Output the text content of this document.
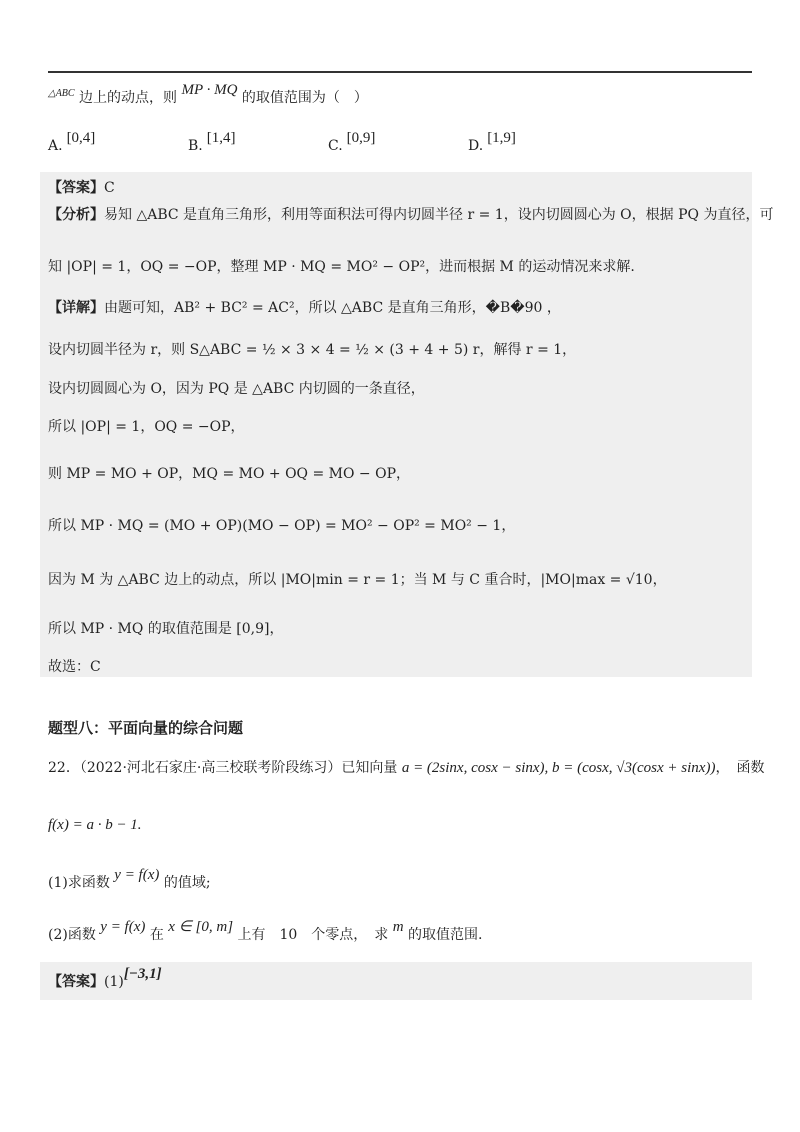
$^{\triangle ABC}$ 边上的动点，则 MP · MQ 的取值范围为（　）
A. [0,4]	B. [1,4]	C. [0,9]	D. [1,9]
【答案】C
【分析】易知 △ABC 是直角三角形，利用等面积法可得内切圆半径 r = 1，设内切圆圆心为 O，根据 PQ 为直径，可
知 |OP| = 1，OQ = −OP，整理 MP · MQ = MO² − OP²，进而根据 M 的运动情况来求解.
【详解】由题可知，AB² + BC² = AC²，所以 △ABC 是直角三角形，�B�90 ，
设内切圆半径为 r，则 S△ABC = ½ × 3 × 4 = ½ × (3 + 4 + 5) r，解得 r = 1，
设内切圆圆心为 O，因为 PQ 是 △ABC 内切圆的一条直径，
所以 |OP| = 1，OQ = −OP，
则 MP = MO + OP，MQ = MO + OQ = MO − OP，
所以 MP · MQ = (MO + OP)(MO − OP) = MO² − OP² = MO² − 1，
因为 M 为 △ABC 边上的动点，所以 |MO|min = r = 1；当 M 与 C 重合时，|MO|max = √10，
所以 MP · MQ 的取值范围是 [0,9]，
故选：C
题型八：平面向量的综合问题
22．（2022·河北石家庄·高三校联考阶段练习）已知向量 a = (2sinx, cosx − sinx), b = (cosx, √3(cosx + sinx))，　函数
f(x) = a · b − 1.
(1)求函数 y = f(x) 的值域;
(2)函数 y = f(x) 在 x ∈ [0, m] 上有　10　个零点，　求 m 的取值范围.
【答案】(1)[−3,1]
